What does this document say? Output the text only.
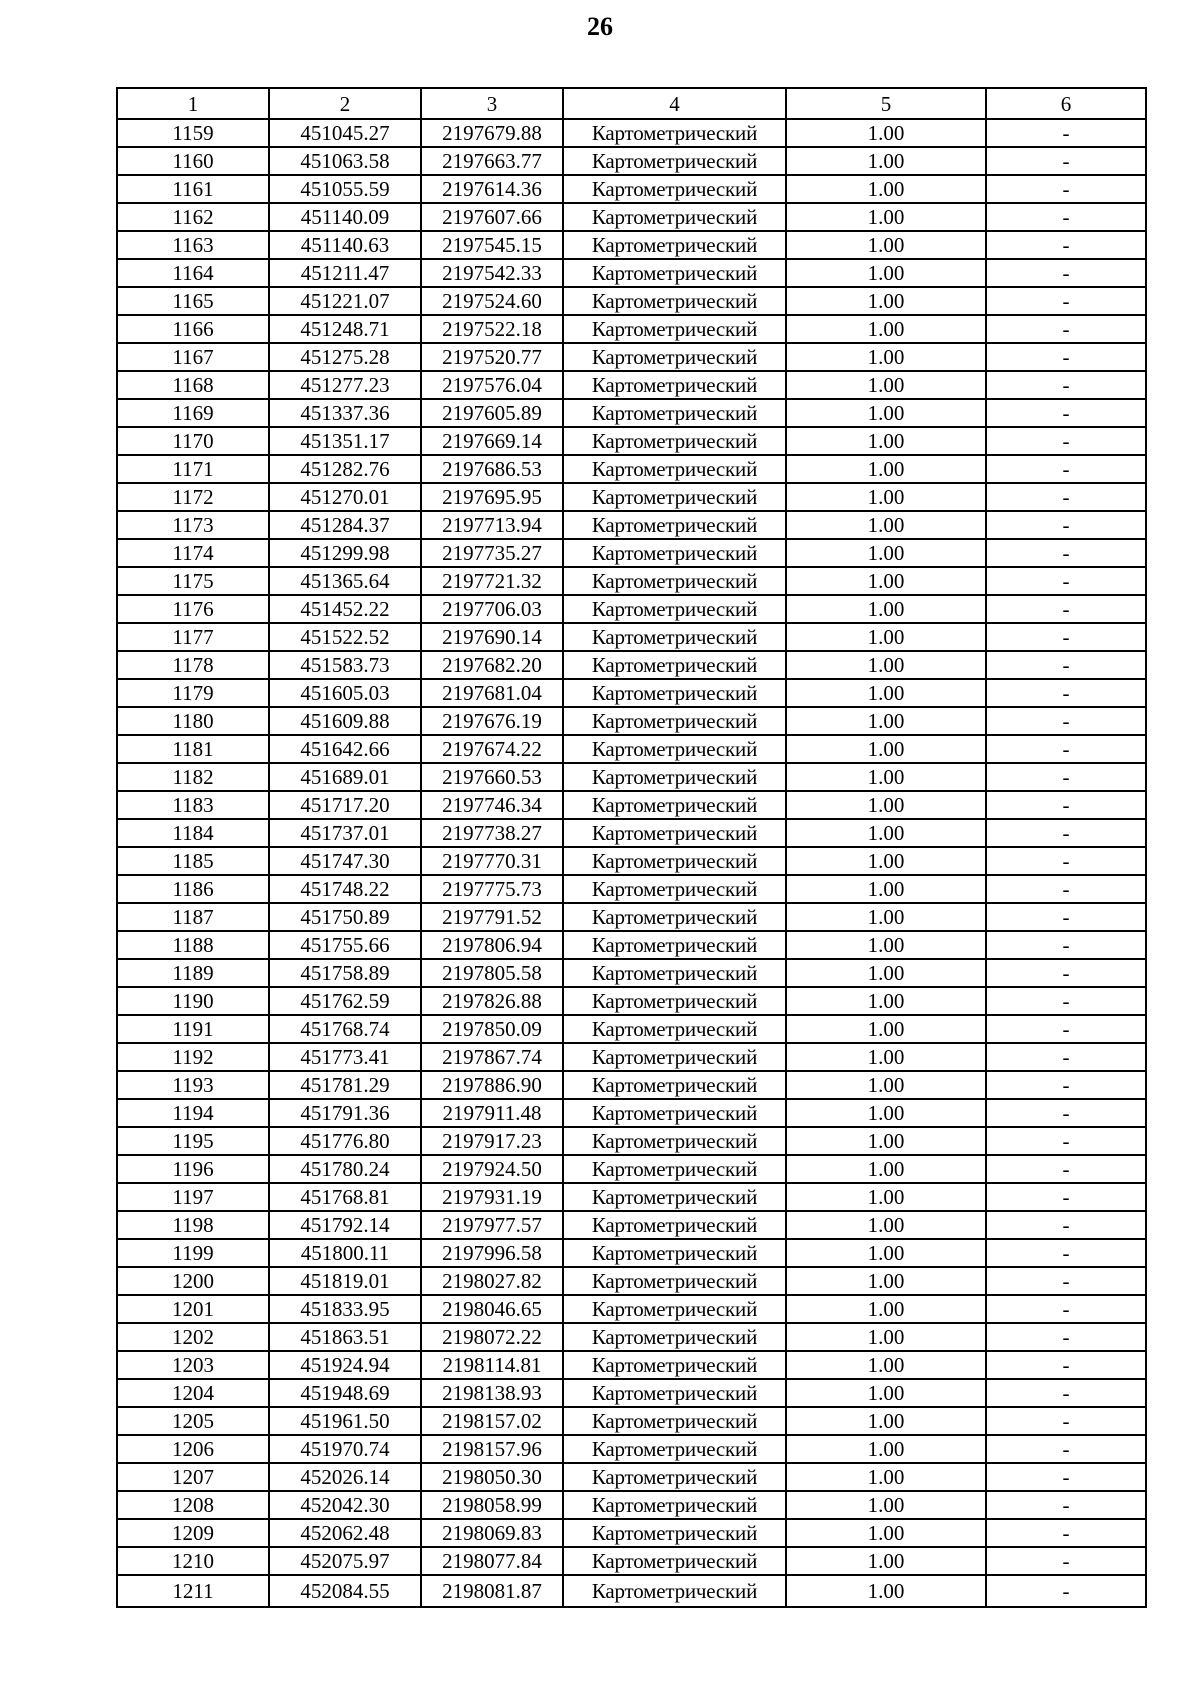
26
1	2	3	4	5	6
1159	451045.27	2197679.88	Картометрический	1.00	-
1160	451063.58	2197663.77	Картометрический	1.00	-
1161	451055.59	2197614.36	Картометрический	1.00	-
1162	451140.09	2197607.66	Картометрический	1.00	-
1163	451140.63	2197545.15	Картометрический	1.00	-
1164	451211.47	2197542.33	Картометрический	1.00	-
1165	451221.07	2197524.60	Картометрический	1.00	-
1166	451248.71	2197522.18	Картометрический	1.00	-
1167	451275.28	2197520.77	Картометрический	1.00	-
1168	451277.23	2197576.04	Картометрический	1.00	-
1169	451337.36	2197605.89	Картометрический	1.00	-
1170	451351.17	2197669.14	Картометрический	1.00	-
1171	451282.76	2197686.53	Картометрический	1.00	-
1172	451270.01	2197695.95	Картометрический	1.00	-
1173	451284.37	2197713.94	Картометрический	1.00	-
1174	451299.98	2197735.27	Картометрический	1.00	-
1175	451365.64	2197721.32	Картометрический	1.00	-
1176	451452.22	2197706.03	Картометрический	1.00	-
1177	451522.52	2197690.14	Картометрический	1.00	-
1178	451583.73	2197682.20	Картометрический	1.00	-
1179	451605.03	2197681.04	Картометрический	1.00	-
1180	451609.88	2197676.19	Картометрический	1.00	-
1181	451642.66	2197674.22	Картометрический	1.00	-
1182	451689.01	2197660.53	Картометрический	1.00	-
1183	451717.20	2197746.34	Картометрический	1.00	-
1184	451737.01	2197738.27	Картометрический	1.00	-
1185	451747.30	2197770.31	Картометрический	1.00	-
1186	451748.22	2197775.73	Картометрический	1.00	-
1187	451750.89	2197791.52	Картометрический	1.00	-
1188	451755.66	2197806.94	Картометрический	1.00	-
1189	451758.89	2197805.58	Картометрический	1.00	-
1190	451762.59	2197826.88	Картометрический	1.00	-
1191	451768.74	2197850.09	Картометрический	1.00	-
1192	451773.41	2197867.74	Картометрический	1.00	-
1193	451781.29	2197886.90	Картометрический	1.00	-
1194	451791.36	2197911.48	Картометрический	1.00	-
1195	451776.80	2197917.23	Картометрический	1.00	-
1196	451780.24	2197924.50	Картометрический	1.00	-
1197	451768.81	2197931.19	Картометрический	1.00	-
1198	451792.14	2197977.57	Картометрический	1.00	-
1199	451800.11	2197996.58	Картометрический	1.00	-
1200	451819.01	2198027.82	Картометрический	1.00	-
1201	451833.95	2198046.65	Картометрический	1.00	-
1202	451863.51	2198072.22	Картометрический	1.00	-
1203	451924.94	2198114.81	Картометрический	1.00	-
1204	451948.69	2198138.93	Картометрический	1.00	-
1205	451961.50	2198157.02	Картометрический	1.00	-
1206	451970.74	2198157.96	Картометрический	1.00	-
1207	452026.14	2198050.30	Картометрический	1.00	-
1208	452042.30	2198058.99	Картометрический	1.00	-
1209	452062.48	2198069.83	Картометрический	1.00	-
1210	452075.97	2198077.84	Картометрический	1.00	-
1211	452084.55	2198081.87	Картометрический	1.00	-
